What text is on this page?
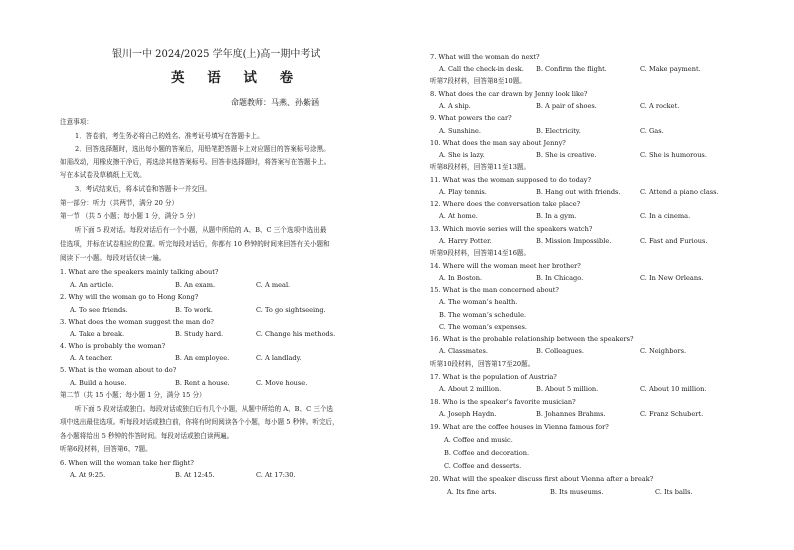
银川一中 2024/2025 学年度(上)高一期中考试
英 语 试 卷
命题教师：马燕、孙紫涵
注意事项：
1．答卷前，考生务必将自己的姓名、准考证号填写在答题卡上。
2．回答选择题时，选出每小题的答案后，用铅笔把答题卡上对应题目的答案标号涂黑。
如需改动，用橡皮擦干净后，再选涂其他答案标号。回答非选择题时，将答案写在答题卡上。
写在本试卷及草稿纸上无效。
3．考试结束后，将本试卷和答题卡一并交回。
第一部分：听力（共两节，满分 20 分）
第一节 （共 5 小题；每小题 1 分，满分 5 分）
听下面 5 段对话。每段对话后有一个小题，从题中所给的 A、B、C 三个选项中选出最
佳选项，并标在试卷相应的位置。听完每段对话后，你都有 10 秒钟的时间来回答有关小题和
阅读下一小题。每段对话仅读一遍。
1. What are the speakers mainly talking about?
A. An article.	B. An exam.	C. A meal.
2. Why will the woman go to Hong Kong?
A. To see friends.	B. To work.	C. To go sightseeing.
3. What does the woman suggest the man do?
A. Take a break.	B. Study hard.	C. Change his methods.
4. Who is probably the woman?
A. A teacher.	B. An employee.	C. A landlady.
5. What is the woman about to do?
A. Build a house.	B. Rent a house.	C. Move house.
第二节（共 15 小题；每小题 1 分，满分 15 分）
听下面 5 段对话或独白。每段对话或独白后有几个小题，从题中所给的 A、B、C 三个选
项中选出最佳选项。听每段对话或独白前，你将有时间阅读各个小题，每小题 5 秒钟。听完后，
各小题将给出 5 秒钟的作答时间。每段对话或独白读两遍。
听第6段材料，回答第6、7题。
6. When will the woman take her flight?
A. At 9:25.	B. At 12:45.	C. At 17:30.
7. What will the woman do next?
A. Call the check-in desk. B. Confirm the flight.	C. Make payment.
听第7段材料，回答第8至10题。
8. What does the car drawn by Jenny look like?
A. A ship.	B. A pair of shoes.	C. A rocket.
9. What powers the car?
A. Sunshine.	B. Electricity.	C. Gas.
10. What does the man say about Jenny?
A. She is lazy.	B. She is creative.	C. She is humorous.
听第8段材料，回答第11至13题。
11. What was the woman supposed to do today?
A. Play tennis.	B. Hang out with friends.	C. Attend a piano class.
12. Where does the conversation take place?
A. At home.	B. In a gym.	C. In a cinema.
13. Which movie series will the speakers watch?
A. Harry Potter.	B. Mission Impossible.	C. Fast and Furious.
听第9段材料，回答第14至16题。
14. Where will the woman meet her brother?
A. In Boston.	B. In Chicago.	C. In New Orleans.
15. What is the man concerned about?
A. The woman’s health.
B. The woman’s schedule.
C. The woman’s expenses.
16. What is the probable relationship between the speakers?
A. Classmates.	B. Colleagues.	C. Neighbors.
听第10段材料，回答第17至20题。
17. What is the population of Austria?
A. About 2 million.	B. About 5 million.	C. About 10 million.
18. Who is the speaker’s favorite musician?
A. Joseph Haydn.	B. Johannes Brahms.	C. Franz Schubert.
19. What are the coffee houses in Vienna famous for?
A. Coffee and music.
B. Coffee and decoration.
C. Coffee and desserts.
20. What will the speaker discuss first about Vienna after a break?
A. Its fine arts.	B. Its museums.	C. Its balls.
